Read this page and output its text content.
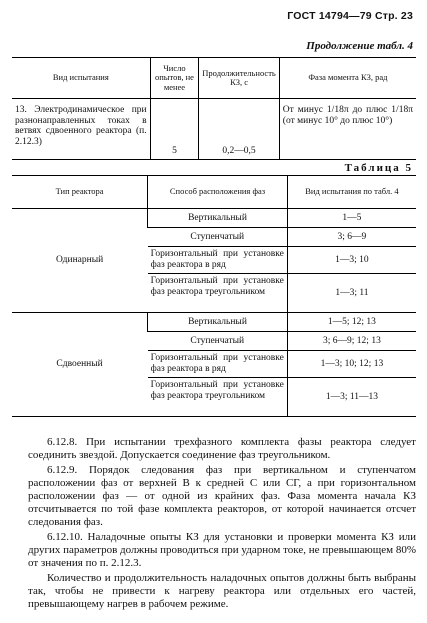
ГОСТ 14794—79 Стр. 23
Продолжение табл. 4
Вид испытания	Число опытов, не менее	Продолжительность КЗ, с	Фаза момента КЗ, рад
13. Электродинамическое при разнонаправленных токах в ветвях сдвоенного реактора (п. 2.12.3)	5	0,2—0,5	От минус 1/18π до плюс 1/18π (от минус 10° до плюс 10°)
Таблица 5
Тип реактора	Способ расположения фаз	Вид испытания по табл. 4
Одинарный	Вертикальный	1—5
	Ступенчатый	3; 6—9
	Горизонтальный при установке фаз реактора в ряд	1—3; 10
	Горизонтальный при установке фаз реактора треугольником	1—3; 11
Сдвоенный	Вертикальный	1—5; 12; 13
	Ступенчатый	3; 6—9; 12; 13
	Горизонтальный при установке фаз реактора в ряд	1—3; 10; 12; 13
	Горизонтальный при установке фаз реактора треугольником	1—3; 11—13

6.12.8. При испытании трехфазного комплекта фазы реактора следует соединить звездой. Допускается соединение фаз треугольником.

6.12.9. Порядок следования фаз при вертикальном и ступенчатом расположении фаз от верхней В к средней С или СГ, а при горизонтальном расположении фаз — от одной из крайних фаз. Фаза момента начала КЗ отсчитывается по той фазе комплекта реакторов, от которой начинается отсчет следования фаз.

6.12.10. Наладочные опыты КЗ для установки и проверки момента КЗ или других параметров должны проводиться при ударном токе, не превышающем 80% от значения по п. 2.12.3.

Количество и продолжительность наладочных опытов должны быть выбраны так, чтобы не привести к нагреву реактора или отдельных его частей, превышающему нагрев в рабочем режиме.
